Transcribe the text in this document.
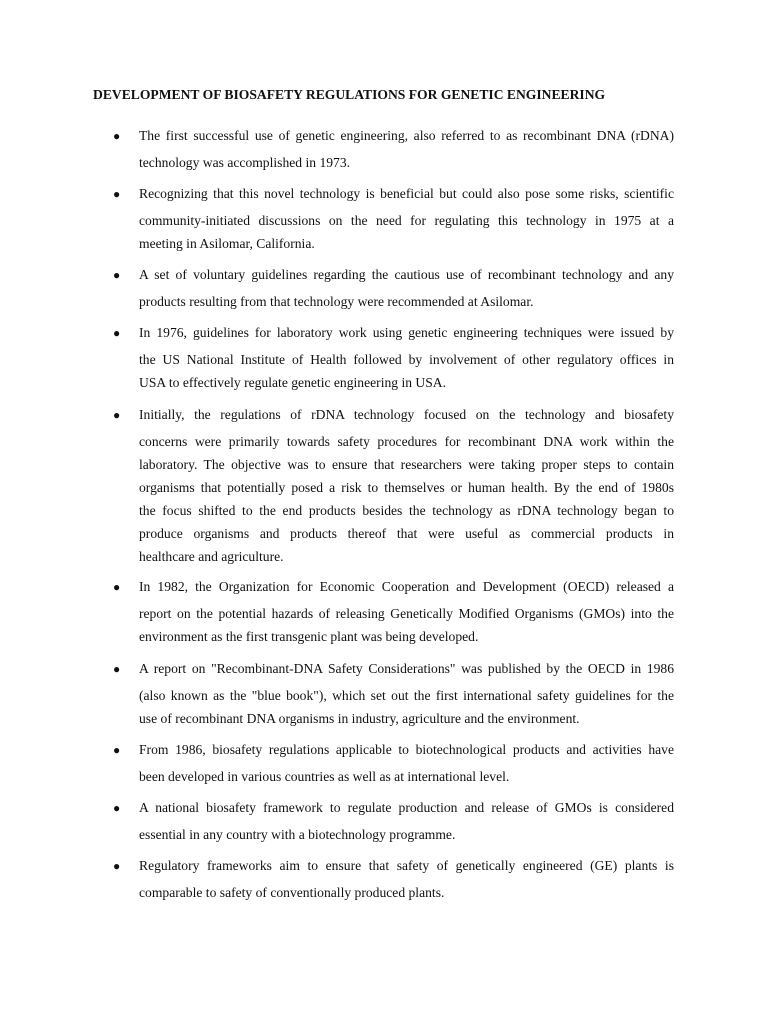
DEVELOPMENT OF BIOSAFETY REGULATIONS FOR GENETIC ENGINEERING
●	The first successful use of genetic engineering, also referred to as recombinant DNA (rDNA)
technology was accomplished in 1973.

●	Recognizing that this novel technology is beneficial but could also pose some risks, scientific
community-initiated discussions on the need for regulating this technology in 1975 at a
meeting in Asilomar, California.

●	A set of voluntary guidelines regarding the cautious use of recombinant technology and any
products resulting from that technology were recommended at Asilomar.

●	In 1976, guidelines for laboratory work using genetic engineering techniques were issued by
the US National Institute of Health followed by involvement of other regulatory offices in
USA to effectively regulate genetic engineering in USA.

●	Initially, the regulations of rDNA technology focused on the technology and biosafety
concerns were primarily towards safety procedures for recombinant DNA work within the
laboratory. The objective was to ensure that researchers were taking proper steps to contain
organisms that potentially posed a risk to themselves or human health. By the end of 1980s
the focus shifted to the end products besides the technology as rDNA technology began to
produce organisms and products thereof that were useful as commercial products in
healthcare and agriculture.

●	In 1982, the Organization for Economic Cooperation and Development (OECD) released a
report on the potential hazards of releasing Genetically Modified Organisms (GMOs) into the
environment as the first transgenic plant was being developed.

●	A report on "Recombinant-DNA Safety Considerations" was published by the OECD in 1986
(also known as the "blue book"), which set out the first international safety guidelines for the
use of recombinant DNA organisms in industry, agriculture and the environment.

●	From 1986, biosafety regulations applicable to biotechnological products and activities have
been developed in various countries as well as at international level.

●	A national biosafety framework to regulate production and release of GMOs is considered
essential in any country with a biotechnology programme.

●	Regulatory frameworks aim to ensure that safety of genetically engineered (GE) plants is
comparable to safety of conventionally produced plants.
